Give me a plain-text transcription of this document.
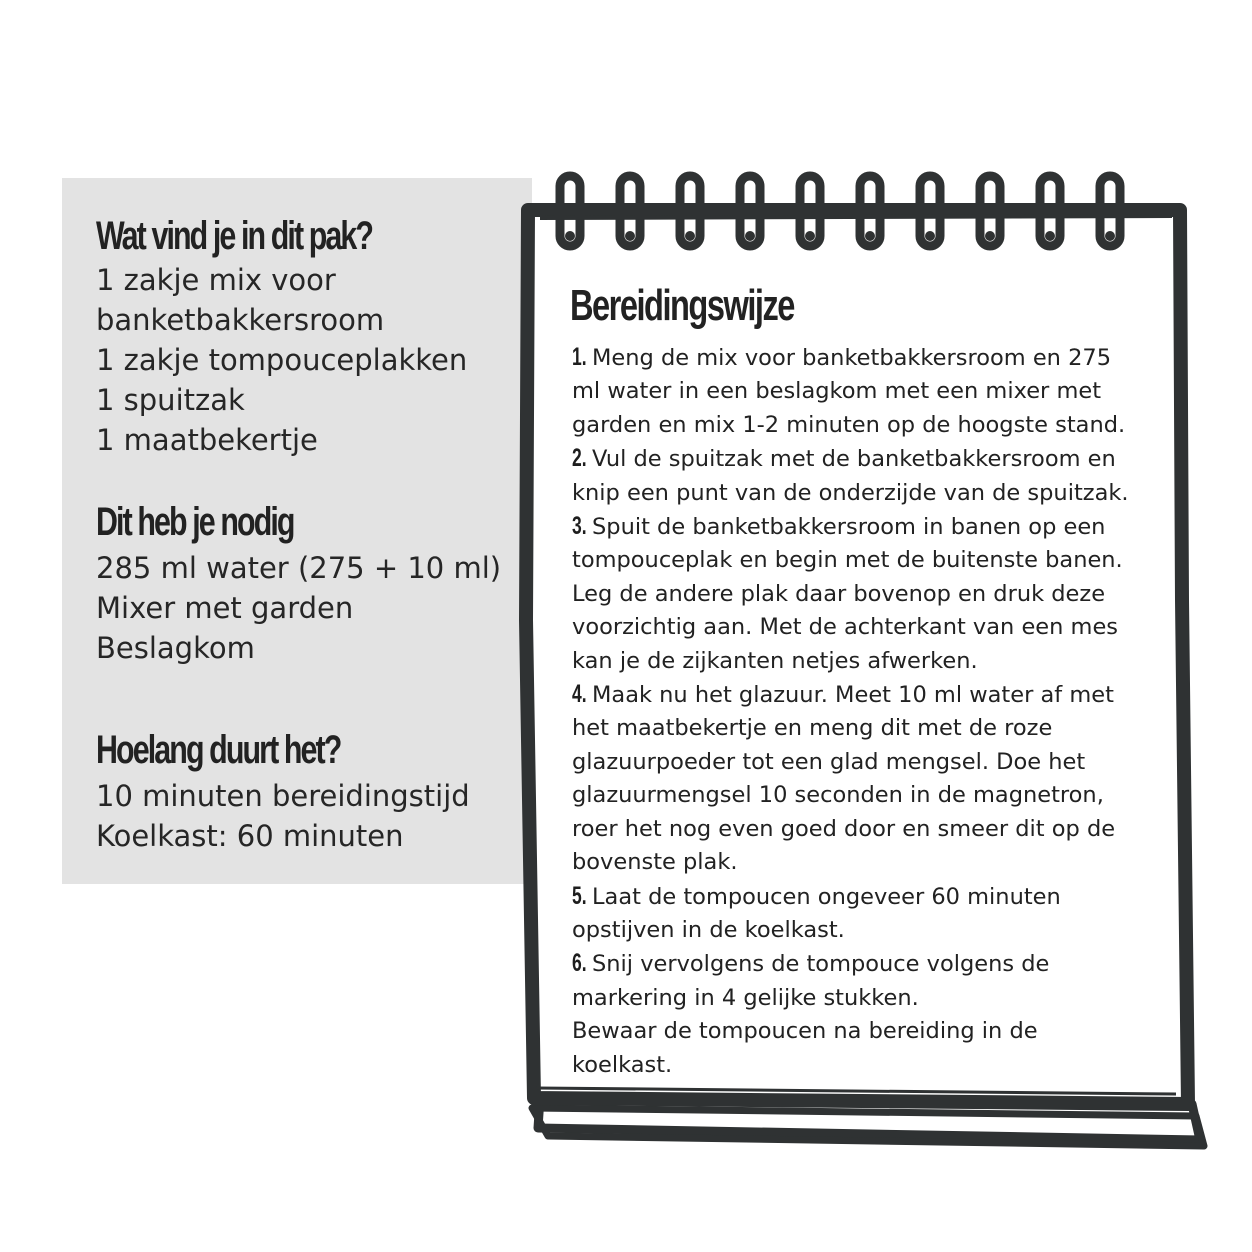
Wat vind je in dit pak?
1 zakje mix voor
banketbakkersroom
1 zakje tompouceplakken
1 spuitzak
1 maatbekertje
Dit heb je nodig
285 ml water (275 + 10 ml)
Mixer met garden
Beslagkom
Hoelang duurt het?
10 minuten bereidingstijd
Koelkast: 60 minuten
Bereidingswijze
1. Meng de mix voor banketbakkersroom en 275
ml water in een beslagkom met een mixer met
garden en mix 1-2 minuten op de hoogste stand.
2. Vul de spuitzak met de banketbakkersroom en
knip een punt van de onderzijde van de spuitzak.
3. Spuit de banketbakkersroom in banen op een
tompouceplak en begin met de buitenste banen.
Leg de andere plak daar bovenop en druk deze
voorzichtig aan. Met de achterkant van een mes
kan je de zijkanten netjes afwerken.
4. Maak nu het glazuur. Meet 10 ml water af met
het maatbekertje en meng dit met de roze
glazuurpoeder tot een glad mengsel. Doe het
glazuurmengsel 10 seconden in de magnetron,
roer het nog even goed door en smeer dit op de
bovenste plak.
5. Laat de tompoucen ongeveer 60 minuten
opstijven in de koelkast.
6. Snij vervolgens de tompouce volgens de
markering in 4 gelijke stukken.
Bewaar de tompoucen na bereiding in de
koelkast.
